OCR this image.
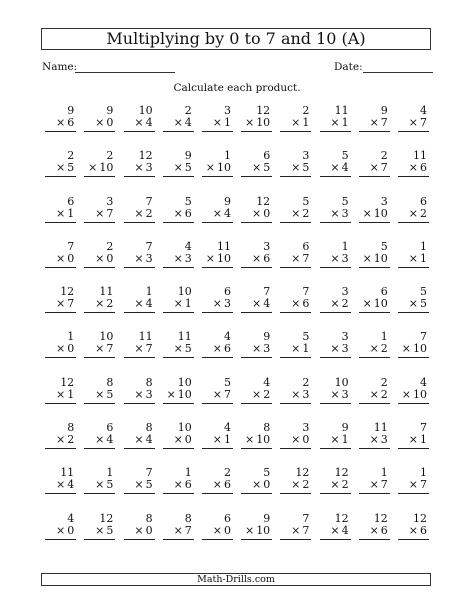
Multiplying by 0 to 7 and 10 (A)
Name:	Date:
Calculate each product.
9
× 6
9
× 0
10
× 4
2
× 4
3
× 1
12
× 10
2
× 1
11
× 1
9
× 7
4
× 7
2
× 5
2
× 10
12
× 3
9
× 5
1
× 10
6
× 5
3
× 5
5
× 4
2
× 7
11
× 6
6
× 1
3
× 7
7
× 2
5
× 6
9
× 4
12
× 0
5
× 2
5
× 3
3
× 10
6
× 2
7
× 0
2
× 0
7
× 3
4
× 3
11
× 10
3
× 6
6
× 7
1
× 3
5
× 10
1
× 1
12
× 7
11
× 2
1
× 4
10
× 1
6
× 3
7
× 4
7
× 6
3
× 2
6
× 10
5
× 5
1
× 0
10
× 7
11
× 7
11
× 5
4
× 6
9
× 3
5
× 1
3
× 3
1
× 2
7
× 10
12
× 1
8
× 5
8
× 3
10
× 10
5
× 7
4
× 2
2
× 3
10
× 3
2
× 2
4
× 10
8
× 2
6
× 4
8
× 4
10
× 0
4
× 1
8
× 10
3
× 0
9
× 1
11
× 3
7
× 1
11
× 4
1
× 5
7
× 5
1
× 6
2
× 6
5
× 0
12
× 2
12
× 2
1
× 7
1
× 7
4
× 0
12
× 5
8
× 0
8
× 7
6
× 0
9
× 10
7
× 7
12
× 4
12
× 6
12
× 6
Math-Drills.com
